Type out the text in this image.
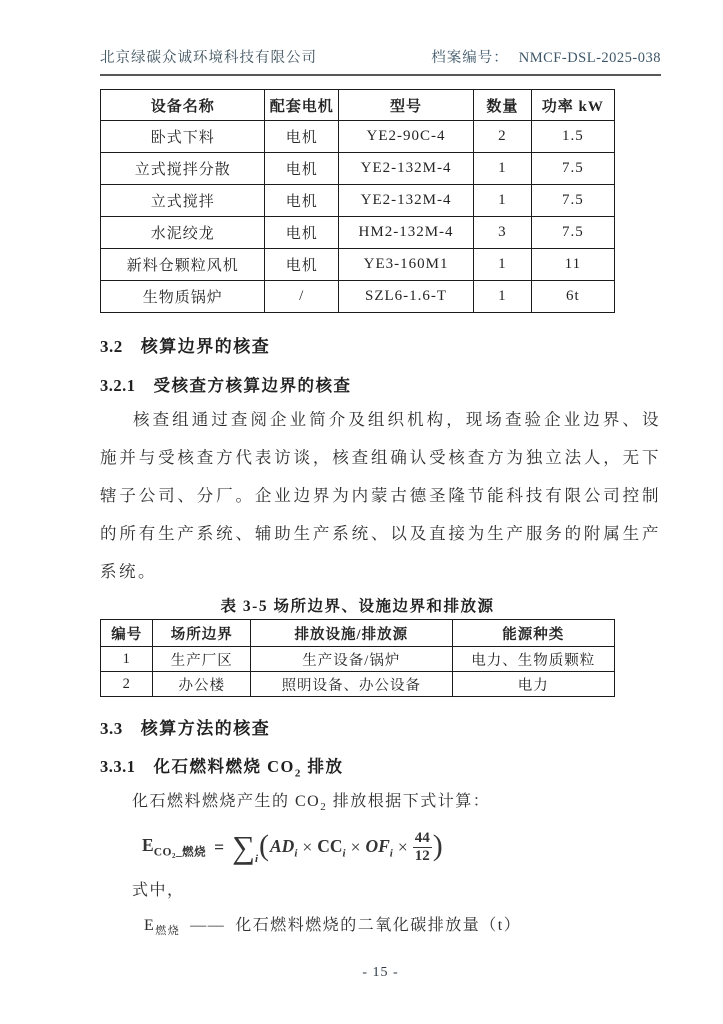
北京绿碳众诚环境科技有限公司	档案编号： NMCF-DSL-2025-038
设备名称	配套电机	型号	数量	功率 kW
卧式下料	电机	YE2-90C-4	2	1.5
立式搅拌分散	电机	YE2-132M-4	1	7.5
立式搅拌	电机	YE2-132M-4	1	7.5
水泥绞龙	电机	HM2-132M-4	3	7.5
新料仓颗粒风机	电机	YE3-160M1	1	11
生物质锅炉	/	SZL6-1.6-T	1	6t
3.2 核算边界的核查
3.2.1 受核查方核算边界的核查
核查组通过查阅企业简介及组织机构，现场查验企业边界、设施并与受核查方代表访谈，核查组确认受核查方为独立法人，无下辖子公司、分厂。企业边界为内蒙古德圣隆节能科技有限公司控制的所有生产系统、辅助生产系统、以及直接为生产服务的附属生产系统。
表 3-5 场所边界、设施边界和排放源
编号	场所边界	排放设施/排放源	能源种类
1	生产厂区	生产设备/锅炉	电力、生物质颗粒
2	办公楼	照明设备、办公设备	电力
3.3 核算方法的核查
3.3.1 化石燃料燃烧 $CO_2$ 排放
化石燃料燃烧产生的 $CO_2$ 排放根据下式计算：
$E_{CO_2\_燃烧}$ = ∑ i ( $AD_i \times CC_i \times OF_i \times \frac{44}{12}$ )
式中，
$E_{燃烧}$ —— 化石燃料燃烧的二氧化碳排放量（t）
- 15 -
